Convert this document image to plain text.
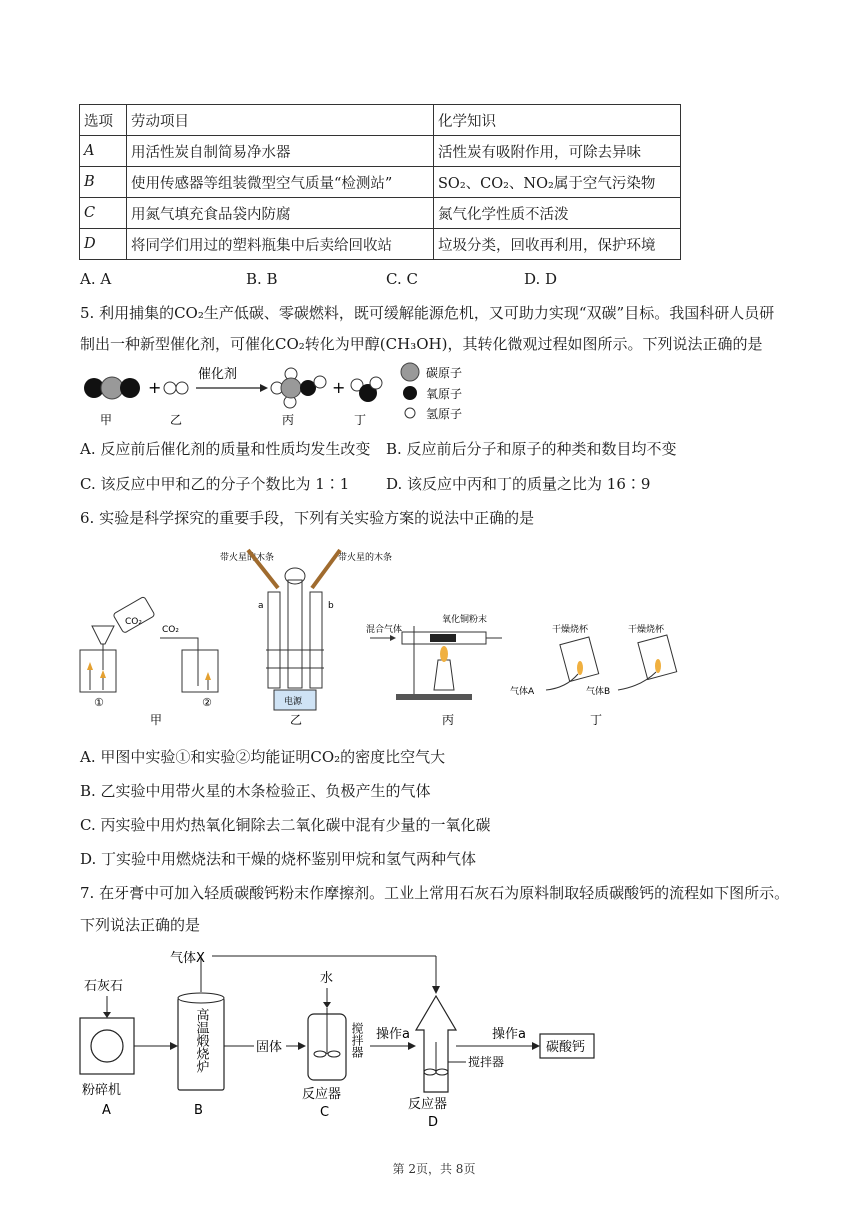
选项	劳动项目	化学知识
A	用活性炭自制简易净水器	活性炭有吸附作用，可除去异味
B	使用传感器等组装微型空气质量“检测站”	SO₂、CO₂、NO₂属于空气污染物
C	用氮气填充食品袋内防腐	氮气化学性质不活泼
D	将同学们用过的塑料瓶集中后卖给回收站	垃圾分类，回收再利用，保护环境
A. A	B. B	C. C	D. D
5. 利用捕集的CO₂生产低碳、零碳燃料，既可缓解能源危机，又可助力实现“双碳”目标。我国科研人员研
制出一种新型催化剂，可催化CO₂转化为甲醇(CH₃OH)，其转化微观过程如图所示。下列说法正确的是
+
催化剂
+
碳原子
氧原子
氢原子
甲	乙	丙	丁
A. 反应前后催化剂的质量和性质均发生改变 B. 反应前后分子和原子的种类和数目均不变
C. 该反应中甲和乙的分子个数比为 1∶1 D. 该反应中丙和丁的质量之比为 16∶9
6. 实验是科学探究的重要手段，下列有关实验方案的说法中正确的是
CO₂
①
CO₂
②
甲
带火星的木条	带火星的木条
a	b
电源
乙
混合气体
氧化铜粉末
丙
干燥烧杯
气体A
干燥烧杯
气体B
丁
A. 甲图中实验①和实验②均能证明CO₂的密度比空气大
B. 乙实验中用带火星的木条检验正、负极产生的气体
C. 丙实验中用灼热氧化铜除去二氧化碳中混有少量的一氧化碳
D. 丁实验中用燃烧法和干燥的烧杯鉴别甲烷和氢气两种气体
7. 在牙膏中可加入轻质碳酸钙粉末作摩擦剂。工业上常用石灰石为原料制取轻质碳酸钙的流程如下图所示。
下列说法正确的是
石灰石
粉碎机
A
高温煅烧炉
B
气体X
固体
水
搅拌器
反应器
C
操作a
搅拌器
反应器
D
操作a
碳酸钙
第 2页，共 8页
